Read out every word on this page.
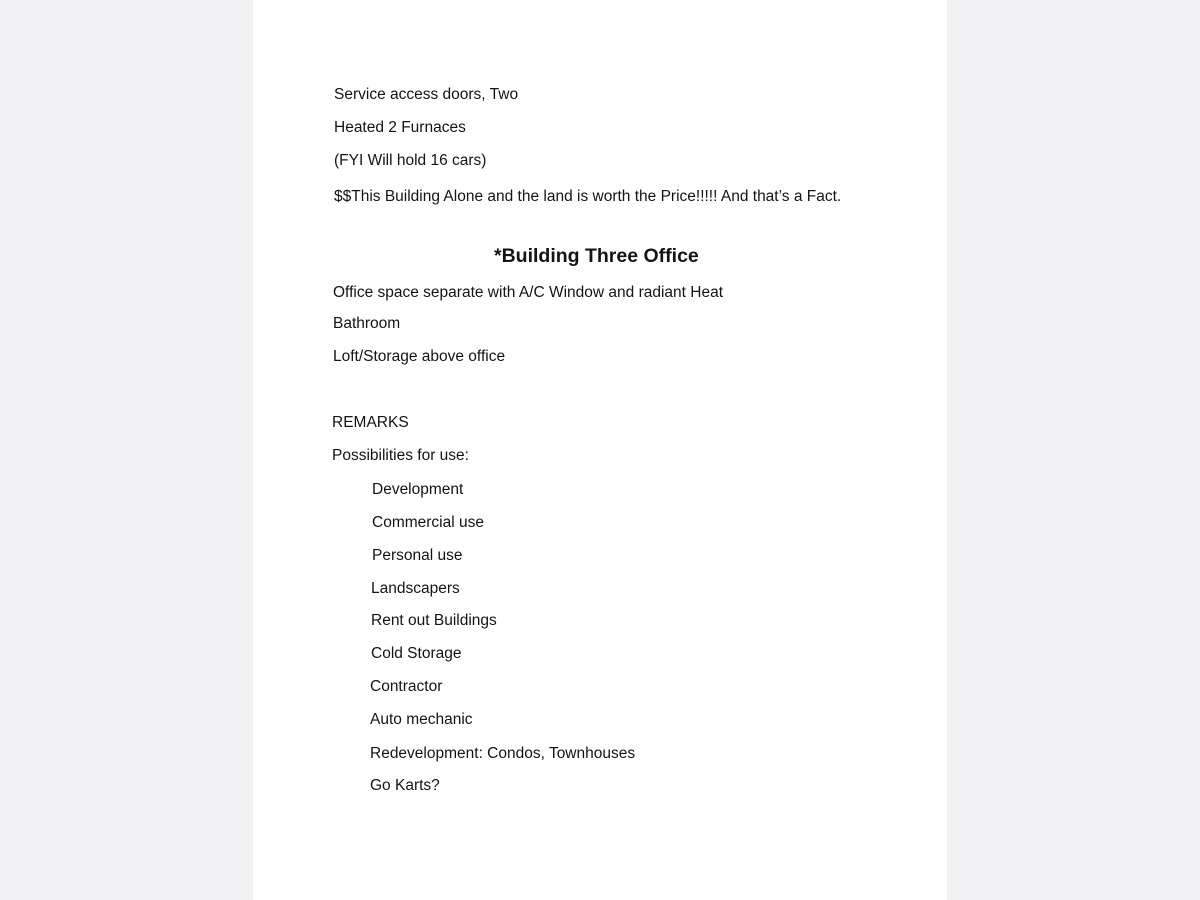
Service access doors, Two
Heated 2 Furnaces
(FYI Will hold 16 cars)
$$This Building Alone and the land is worth the Price!!!!! And that’s a Fact.
*Building Three Office
Office space separate with A/C Window and radiant Heat
Bathroom
Loft/Storage above office
REMARKS
Possibilities for use:
Development
Commercial use
Personal use
Landscapers
Rent out Buildings
Cold Storage
Contractor
Auto mechanic
Redevelopment: Condos, Townhouses
Go Karts?
